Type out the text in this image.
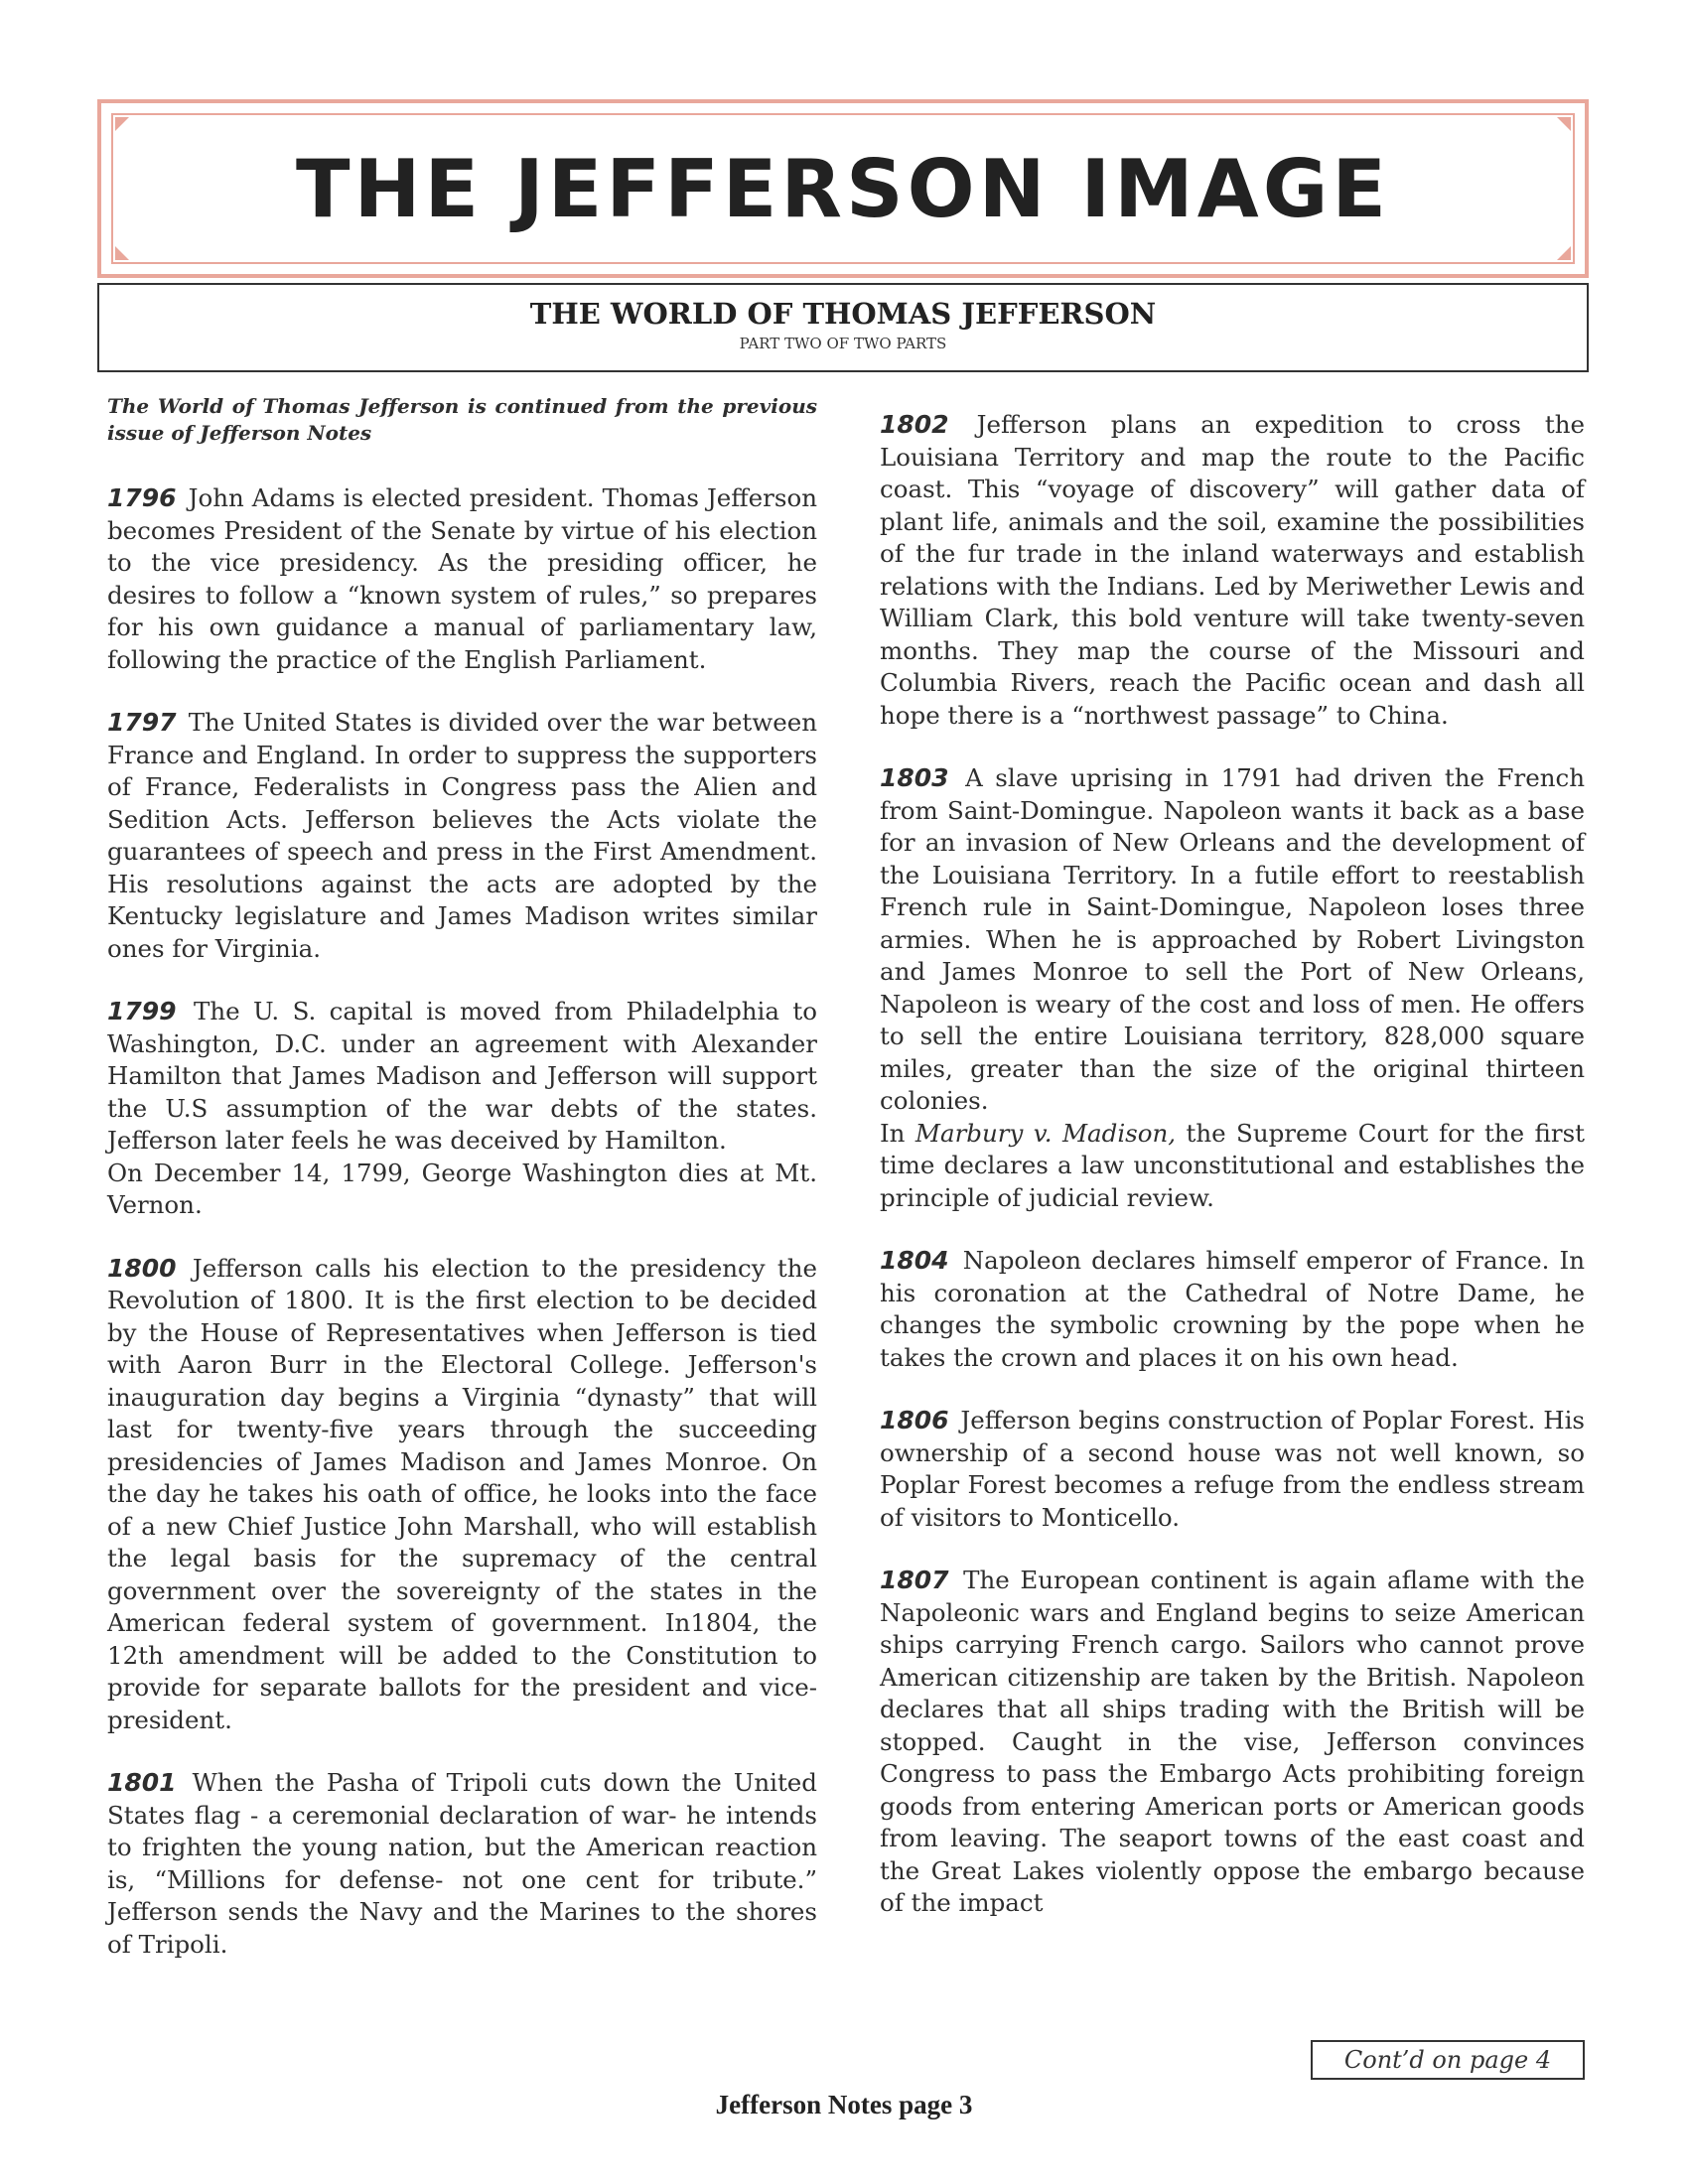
THE JEFFERSON IMAGE
THE WORLD OF THOMAS JEFFERSON
PART TWO OF TWO PARTS

The World of Thomas Jefferson is continued from the previous issue of Jefferson Notes

1796 John Adams is elected president. Thomas Jefferson becomes President of the Senate by virtue of his election to the vice presidency. As the presiding officer, he desires to follow a “known system of rules,” so prepares for his own guidance a manual of parliamentary law, following the practice of the English Parliament.

1797 The United States is divided over the war between France and England. In order to suppress the supporters of France, Federalists in Congress pass the Alien and Sedition Acts. Jefferson believes the Acts violate the guarantees of speech and press in the First Amendment. His resolutions against the acts are adopted by the Kentucky legislature and James Madison writes similar ones for Virginia.

1799 The U. S. capital is moved from Philadelphia to Washington, D.C. under an agreement with Alexander Hamilton that James Madison and Jefferson will support the U.S assumption of the war debts of the states. Jefferson later feels he was deceived by Hamilton.
On December 14, 1799, George Washington dies at Mt. Vernon.

1800 Jefferson calls his election to the presidency the Revolution of 1800. It is the first election to be decided by the House of Representatives when Jefferson is tied with Aaron Burr in the Electoral College. Jefferson's inauguration day begins a Virginia “dynasty” that will last for twenty-five years through the succeeding presidencies of James Madison and James Monroe. On the day he takes his oath of office, he looks into the face of a new Chief Justice John Marshall, who will establish the legal basis for the supremacy of the central government over the sovereignty of the states in the American federal system of government. In1804, the 12th amendment will be added to the Constitution to provide for separate ballots for the president and vice-president.

1801 When the Pasha of Tripoli cuts down the United States flag - a ceremonial declaration of war- he intends to frighten the young nation, but the American reaction is, “Millions for defense- not one cent for tribute.” Jefferson sends the Navy and the Marines to the shores of Tripoli.

1802 Jefferson plans an expedition to cross the Louisiana Territory and map the route to the Pacific coast. This “voyage of discovery” will gather data of plant life, animals and the soil, examine the possibilities of the fur trade in the inland waterways and establish relations with the Indians. Led by Meriwether Lewis and William Clark, this bold venture will take twenty-seven months. They map the course of the Missouri and Columbia Rivers, reach the Pacific ocean and dash all hope there is a “northwest passage” to China.

1803 A slave uprising in 1791 had driven the French from Saint-Domingue. Napoleon wants it back as a base for an invasion of New Orleans and the development of the Louisiana Territory. In a futile effort to reestablish French rule in Saint-Domingue, Napoleon loses three armies. When he is approached by Robert Livingston and James Monroe to sell the Port of New Orleans, Napoleon is weary of the cost and loss of men. He offers to sell the entire Louisiana territory, 828,000 square miles, greater than the size of the original thirteen colonies.
In Marbury v. Madison, the Supreme Court for the first time declares a law unconstitutional and establishes the principle of judicial review.

1804 Napoleon declares himself emperor of France. In his coronation at the Cathedral of Notre Dame, he changes the symbolic crowning by the pope when he takes the crown and places it on his own head.

1806 Jefferson begins construction of Poplar Forest. His ownership of a second house was not well known, so Poplar Forest becomes a refuge from the endless stream of visitors to Monticello.

1807 The European continent is again aflame with the Napoleonic wars and England begins to seize American ships carrying French cargo. Sailors who cannot prove American citizenship are taken by the British. Napoleon declares that all ships trading with the British will be stopped. Caught in the vise, Jefferson convinces Congress to pass the Embargo Acts prohibiting foreign goods from entering American ports or American goods from leaving. The seaport towns of the east coast and the Great Lakes violently oppose the embargo because of the impact

Cont’d on page 4
Jefferson Notes page 3
